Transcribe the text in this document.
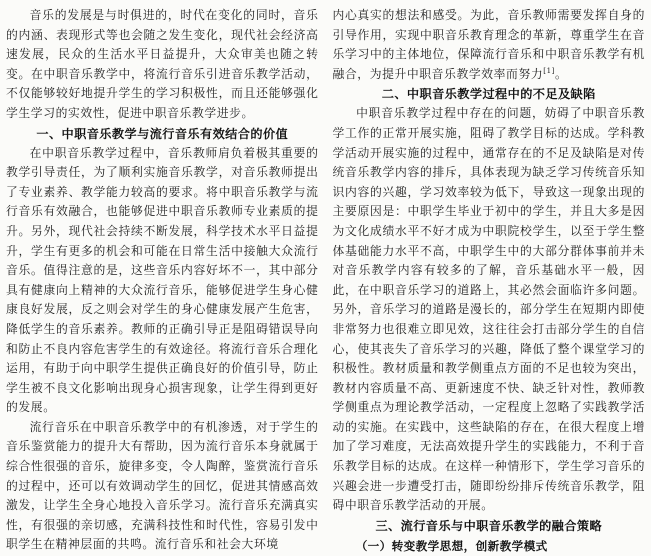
音乐的发展是与时俱进的，时代在变化的同时，音乐的内涵、表现形式等也会随之发生变化，现代社会经济高速发展，民众的生活水平日益提升，大众审美也随之转变。在中职音乐教学中，将流行音乐引进音乐教学活动，不仅能够较好地提升学生的学习积极性，而且还能够强化学生学习的实效性，促进中职音乐教学进步。

一、中职音乐教学与流行音乐有效结合的价值

在中职音乐教学过程中，音乐教师肩负着极其重要的教学引导责任，为了顺利实施音乐教学，对音乐教师提出了专业素养、教学能力较高的要求。将中职音乐教学与流行音乐有效融合，也能够促进中职音乐教师专业素质的提升。另外，现代社会持续不断发展，科学技术水平日益提升，学生有更多的机会和可能在日常生活中接触大众流行音乐。值得注意的是，这些音乐内容好坏不一，其中部分具有健康向上精神的大众流行音乐，能够促进学生身心健康良好发展，反之则会对学生的身心健康发展产生危害，降低学生的音乐素养。教师的正确引导正是阻碍错误导向和防止不良内容危害学生的有效途径。将流行音乐合理化运用，有助于向中职学生提供正确良好的价值引导，防止学生被不良文化影响出现身心损害现象，让学生得到更好的发展。

流行音乐在中职音乐教学中的有机渗透，对于学生的音乐鉴赏能力的提升大有帮助，因为流行音乐本身就属于综合性很强的音乐，旋律多变，令人陶醉，鉴赏流行音乐的过程中，还可以有效调动学生的回忆，促进其情感高效激发，让学生全身心地投入音乐学习。流行音乐充满真实性，有很强的亲切感，充满科技性和时代性，容易引发中职学生在精神层面的共鸣。流行音乐和社会大环境

内心真实的想法和感受。为此，音乐教师需要发挥自身的引导作用，实现中职音乐教育理念的革新，尊重学生在音乐学习中的主体地位，保障流行音乐和中职音乐教学有机融合，为提升中职音乐教学效率而努力[1]。

二、中职音乐教学过程中的不足及缺陷

中职音乐教学过程中存在的问题，妨碍了中职音乐教学工作的正常开展实施，阻碍了教学目标的达成。学科教学活动开展实施的过程中，通常存在的不足及缺陷是对传统音乐教学内容的排斥，具体表现为缺乏学习传统音乐知识内容的兴趣，学习效率较为低下，导致这一现象出现的主要原因是：中职学生毕业于初中的学生，并且大多是因为文化成绩水平不好才成为中职院校学生，以至于学生整体基础能力水平不高，中职学生中的大部分群体事前并未对音乐教学内容有较多的了解，音乐基础水平一般，因此，在中职音乐学习的道路上，其必然会面临许多问题。另外，音乐学习的道路是漫长的，部分学生在短期内即使非常努力也很难立即见效，这往往会打击部分学生的自信心，使其丧失了音乐学习的兴趣，降低了整个课堂学习的积极性。教材质量和教学侧重点方面的不足也较为突出，教材内容质量不高、更新速度不快、缺乏针对性，教师教学侧重点为理论教学活动，一定程度上忽略了实践教学活动的实施。在实践中，这些缺陷的存在，在很大程度上增加了学习难度，无法高效提升学生的实践能力，不利于音乐教学目标的达成。在这样一种情形下，学生学习音乐的兴趣会进一步遭受打击，随即纷纷排斥传统音乐教学，阻碍中职音乐教学活动的开展。

三、流行音乐与中职音乐教学的融合策略
（一）转变教学思想，创新教学模式
